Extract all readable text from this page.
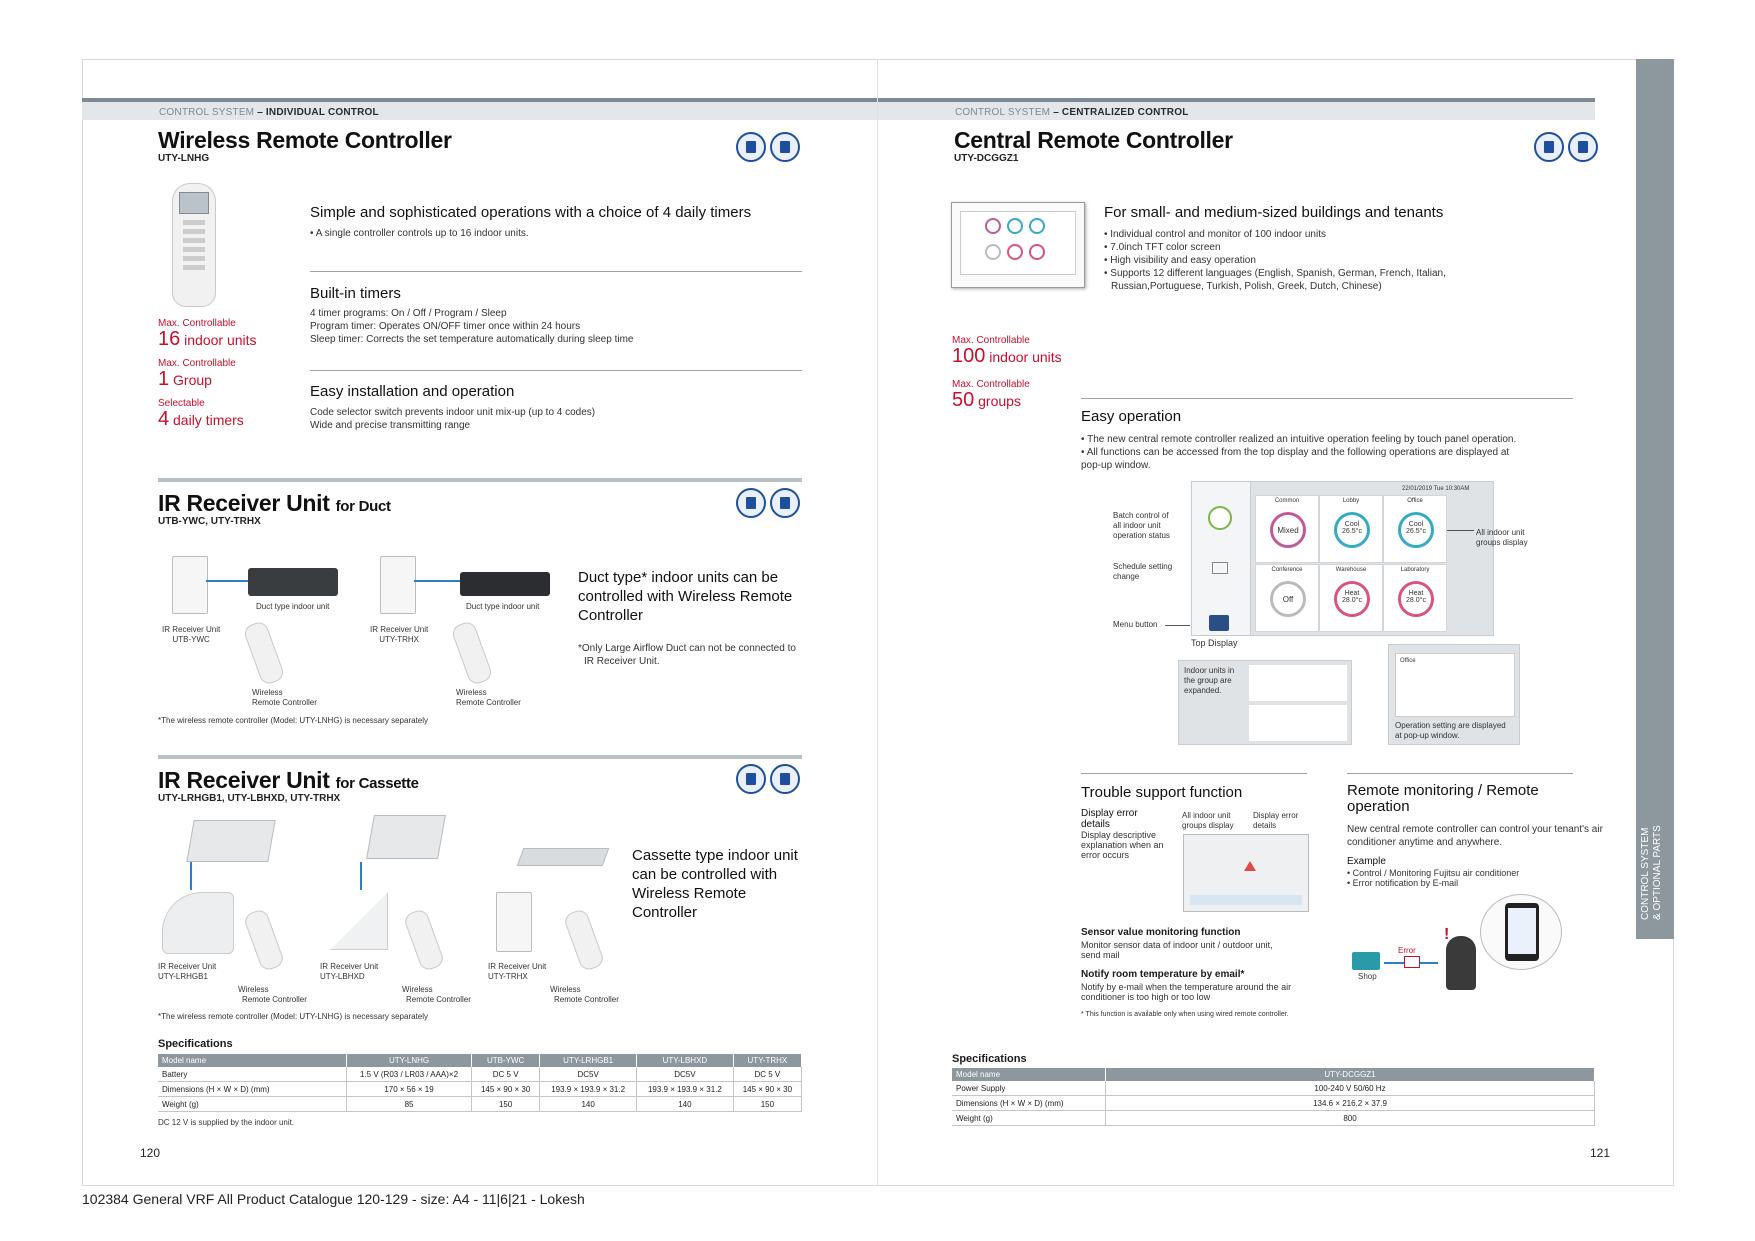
CONTROL SYSTEM – INDIVIDUAL CONTROL
Wireless Remote Controller
UTY-LNHG
Max. Controllable
16 indoor units
Max. Controllable
1 Group
Selectable
4 daily timers
Simple and sophisticated operations with a choice of 4 daily timers
• A single controller controls up to 16 indoor units.
Built-in timers
4 timer programs: On / Off / Program / Sleep
Program timer: Operates ON/OFF timer once within 24 hours
Sleep timer: Corrects the set temperature automatically during sleep time
Easy installation and operation
Code selector switch prevents indoor unit mix-up (up to 4 codes)
Wide and precise transmitting range
IR Receiver Unit for Duct
UTB-YWC, UTY-TRHX
Duct type indoor unit
IR Receiver Unit
UTB-YWC
Wireless
Remote Controller
Duct type indoor unit
IR Receiver Unit
UTY-TRHX
Wireless
Remote Controller
Duct type* indoor units can be controlled with Wireless Remote Controller
*Only Large Airflow Duct can not be connected to
IR Receiver Unit.
*The wireless remote controller (Model: UTY-LNHG) is necessary separately
IR Receiver Unit for Cassette
UTY-LRHGB1, UTY-LBHXD, UTY-TRHX
IR Receiver Unit
UTY-LRHGB1
Wireless
Remote Controller
IR Receiver Unit
UTY-LBHXD
Wireless
Remote Controller
IR Receiver Unit
UTY-TRHX
Wireless
Remote Controller
Cassette type indoor unit can be controlled with Wireless Remote Controller
*The wireless remote controller (Model: UTY-LNHG) is necessary separately
Specifications
Model name	UTY-LNHG	UTB-YWC	UTY-LRHGB1	UTY-LBHXD	UTY-TRHX
Battery	1.5 V (R03 / LR03 / AAA)×2	DC 5 V	DC5V	DC5V	DC 5 V
Dimensions (H × W × D) (mm)	170 × 56 × 19	145 × 90 × 30	193.9 × 193.9 × 31.2	193.9 × 193.9 × 31.2	145 × 90 × 30
Weight (g)	85	150	140	140	150
DC 12 V is supplied by the indoor unit.
120
CONTROL SYSTEM – CENTRALIZED CONTROL
Central Remote Controller
UTY-DCGGZ1
For small- and medium-sized buildings and tenants
• Individual control and monitor of 100 indoor units
• 7.0inch TFT color screen
• High visibility and easy operation
• Supports 12 different languages (English, Spanish, German, French, Italian,
Russian,Portuguese, Turkish, Polish, Greek, Dutch, Chinese)
Max. Controllable
100 indoor units
Max. Controllable
50 groups
Easy operation
• The new central remote controller realized an intuitive operation feeling by touch panel operation.
• All functions can be accessed from the top display and the following operations are displayed at
pop-up window.
Batch control of
all indoor unit
operation status
Schedule setting
change
Menu button
22/01/2019 Tue 10:30AM
Top Display
All indoor unit
groups display
Common
Mixed
Lobby
Cool
26.5°c
Office
Cool
26.5°c
Conference
Off
Warehouse
Heat
28.0°c
Laboratory
Heat
28.0°c
Indoor units in
the group are
expanded.
Office
Operation setting are displayed
at pop-up window.
Trouble support function
Display error
details
Display descriptive
explanation when an
error occurs
All indoor unit
groups display
Display error
details
Sensor value monitoring function
Monitor sensor data of indoor unit / outdoor unit,
send mail
Notify room temperature by email*
Notify by e-mail when the temperature around the air
conditioner is too high or too low
* This function is available only when using wired remote controller.
Remote monitoring / Remote
operation
New central remote controller can control your tenant's air
conditioner anytime and anywhere.
Example
• Control / Monitoring Fujitsu air conditioner
• Error notification by E-mail
Shop
Error
!
Specifications
Model name	UTY-DCGGZ1
Power Supply	100-240 V 50/60 Hz
Dimensions (H × W × D) (mm)	134.6 × 216.2 × 37.9
Weight (g)	800
121
CONTROL SYSTEM & OPTIONAL PARTS
102384 General VRF All Product Catalogue 120-129 - size: A4 - 11|6|21 - Lokesh
